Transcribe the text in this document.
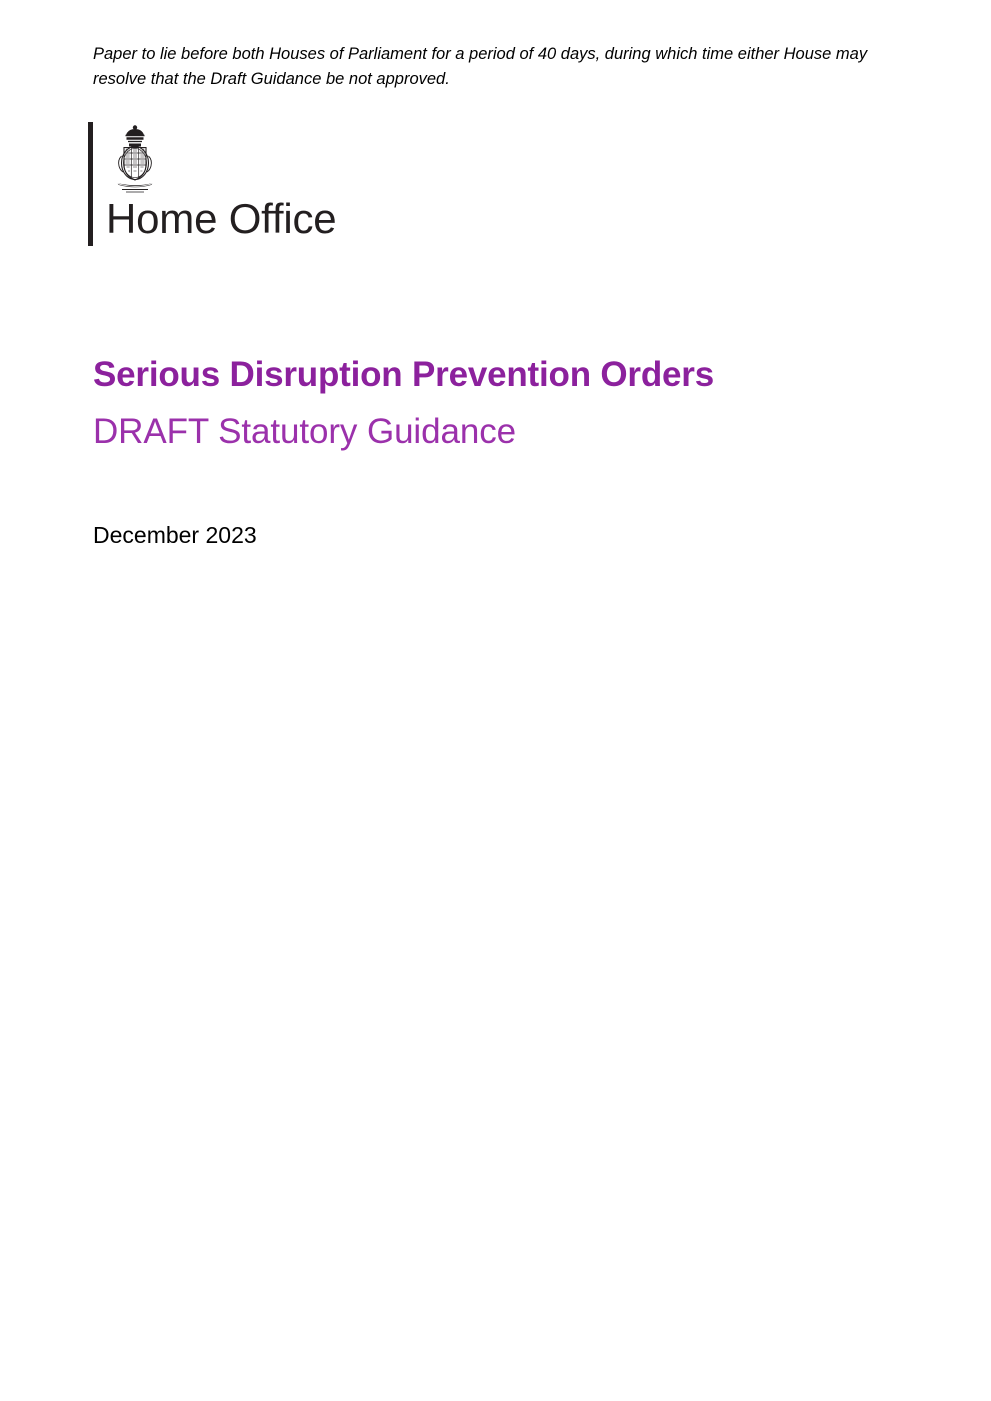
Paper to lie before both Houses of Parliament for a period of 40 days, during which time either House may resolve that the Draft Guidance be not approved.
Home Office
Serious Disruption Prevention Orders
DRAFT Statutory Guidance
December 2023
